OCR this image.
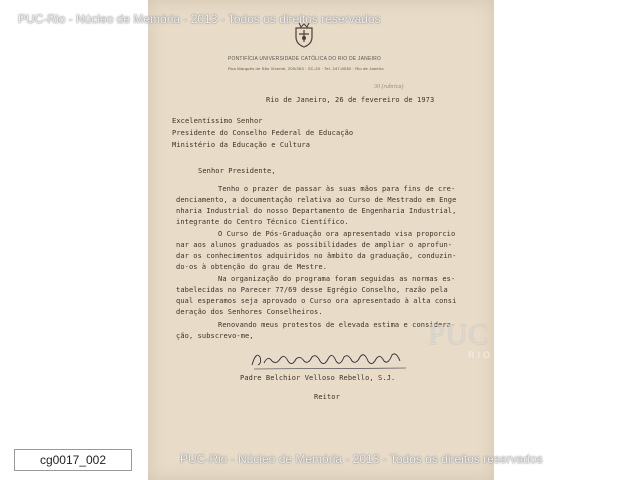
PUC-Rio - Núcleo de Memória - 2013 - Todos os direitos reservados
PONTIFÍCIA UNIVERSIDADE CATÓLICA DO RIO DE JANEIRO
Rua Marquês de São Vicente, 209/263 · ZC-20 · Tel. 247-8030 · Rio de Janeiro
30 (rubrica)
Rio de Janeiro, 26 de fevereiro de 1973
Excelentíssimo Senhor
Presidente do Conselho Federal de Educação
Ministério da Educação e Cultura
Senhor Presidente,
Tenho o prazer de passar às suas mãos para fins de cre-
denciamento, a documentação relativa ao Curso de Mestrado em Enge
nharia Industrial do nosso Departamento de Engenharia Industrial,
integrante do Centro Técnico Científico.
O Curso de Pós-Graduação ora apresentado visa proporcio
nar aos alunos graduados as possibilidades de ampliar o aprofun-
dar os conhecimentos adquiridos no âmbito da graduação, conduzin-
do-os à obtenção do grau de Mestre.
Na organização do programa foram seguidas as normas es-
tabelecidas no Parecer 77/69 desse Egrégio Conselho, razão pela
qual esperamos seja aprovado o Curso ora apresentado à alta consi
deração dos Senhores Conselheiros.
Renovando meus protestos de elevada estima e considera-
ção, subscrevo-me,
Padre Belchior Velloso Rebello, S.J.
Reitor
PUC
RIO
PUC-Rio - Núcleo de Memória - 2013 - Todos os direitos reservados
cg0017_002
